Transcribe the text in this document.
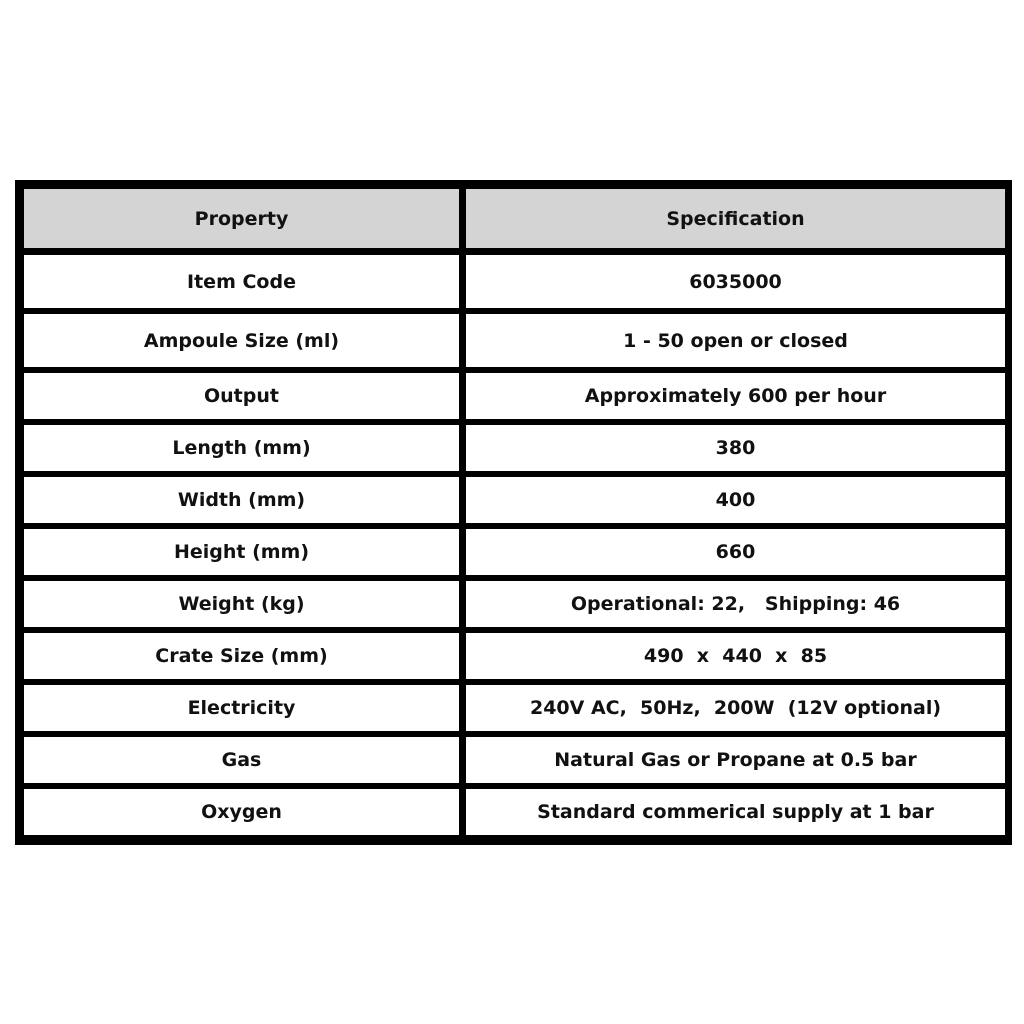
Property	Specification
Item Code	6035000
Ampoule Size (ml)	1 - 50 open or closed
Output	Approximately 600 per hour
Length (mm)	380
Width (mm)	400
Height (mm)	660
Weight (kg)	Operational: 22,   Shipping: 46
Crate Size (mm)	490  x  440  x  85
Electricity	240V AC,  50Hz,  200W  (12V optional)
Gas	Natural Gas or Propane at 0.5 bar
Oxygen	Standard commerical supply at 1 bar
